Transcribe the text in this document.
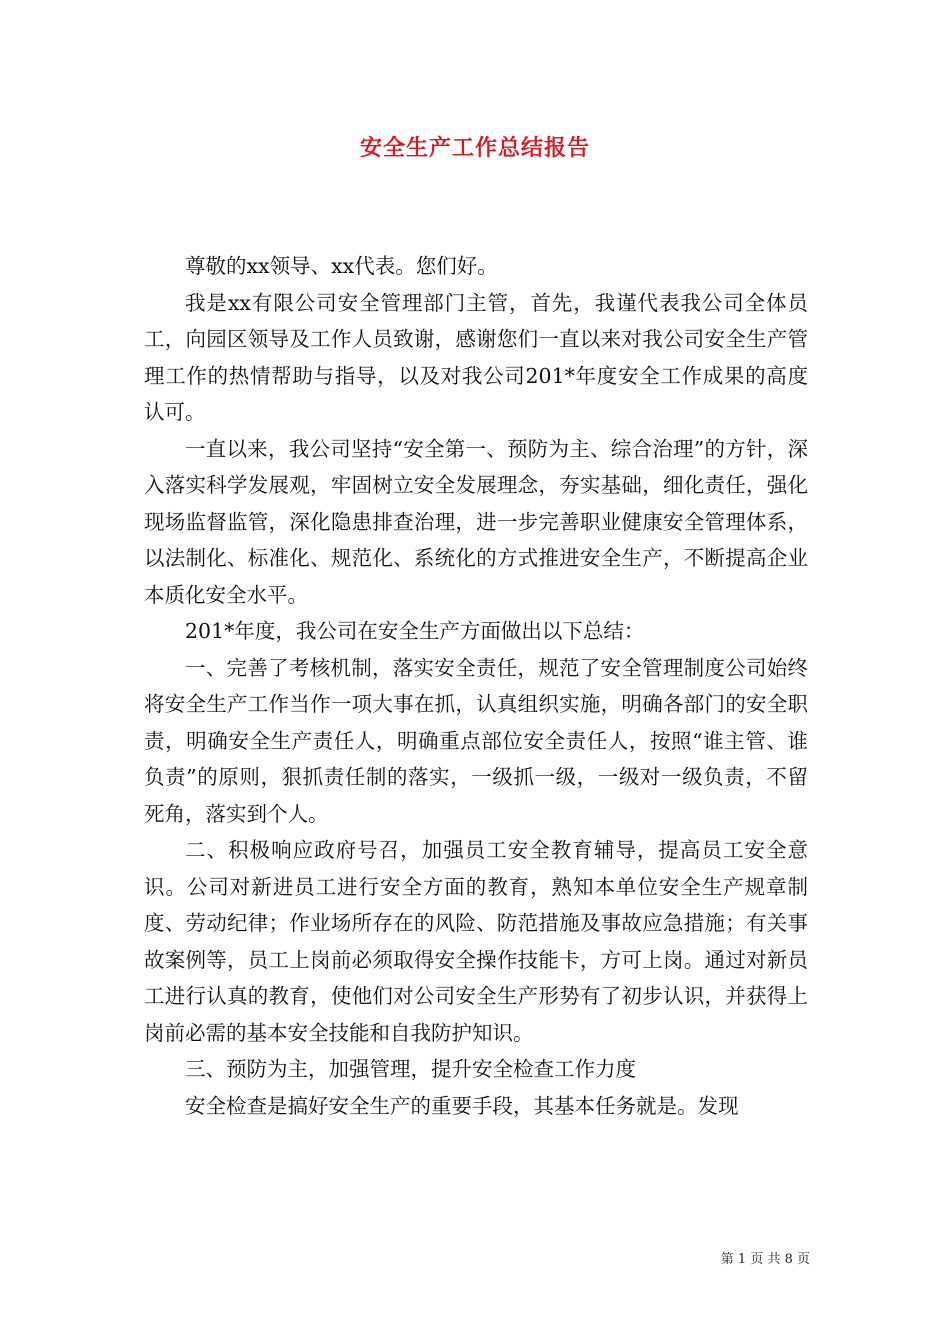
安全生产工作总结报告

尊敬的xx领导、xx代表。您们好。

我是xx有限公司安全管理部门主管，首先，我谨代表我公司全体员工，向园区领导及工作人员致谢，感谢您们一直以来对我公司安全生产管理工作的热情帮助与指导，以及对我公司201*年度安全工作成果的高度认可。

一直以来，我公司坚持“安全第一、预防为主、综合治理”的方针，深入落实科学发展观，牢固树立安全发展理念，夯实基础，细化责任，强化现场监督监管，深化隐患排查治理，进一步完善职业健康安全管理体系，以法制化、标准化、规范化、系统化的方式推进安全生产，不断提高企业本质化安全水平。

201*年度，我公司在安全生产方面做出以下总结：

一、完善了考核机制，落实安全责任，规范了安全管理制度公司始终将安全生产工作当作一项大事在抓，认真组织实施，明确各部门的安全职责，明确安全生产责任人，明确重点部位安全责任人，按照“谁主管、谁负责”的原则，狠抓责任制的落实，一级抓一级，一级对一级负责，不留死角，落实到个人。

二、积极响应政府号召，加强员工安全教育辅导，提高员工安全意识。公司对新进员工进行安全方面的教育，熟知本单位安全生产规章制度、劳动纪律；作业场所存在的风险、防范措施及事故应急措施；有关事故案例等，员工上岗前必须取得安全操作技能卡，方可上岗。通过对新员工进行认真的教育，使他们对公司安全生产形势有了初步认识，并获得上岗前必需的基本安全技能和自我防护知识。

三、预防为主，加强管理，提升安全检查工作力度

安全检查是搞好安全生产的重要手段，其基本任务就是。发现

第 1 页 共 8 页
